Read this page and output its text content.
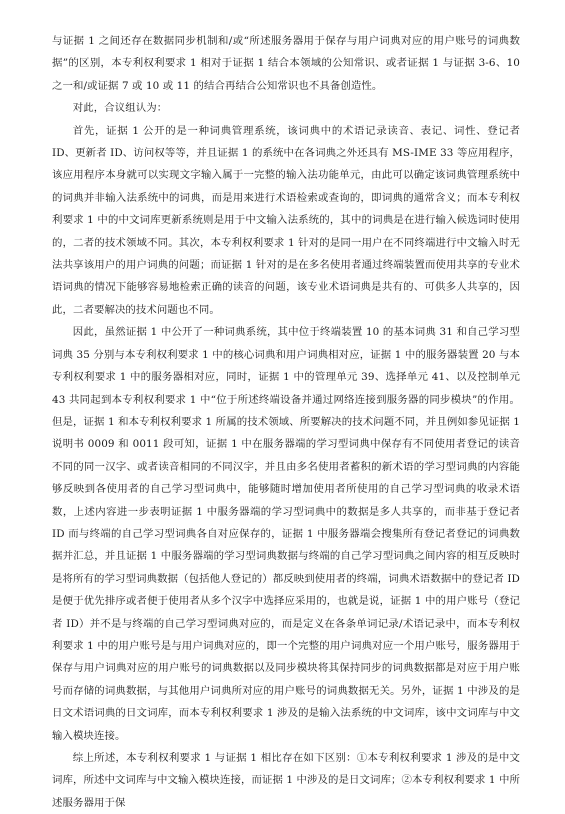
与证据 1 之间还存在数据同步机制和/或“所述服务器用于保存与用户词典对应的用户账号的词典数据”的区别，本专利权利要求 1 相对于证据 1 结合本领域的公知常识、或者证据 1 与证据 3-6、10 之一和/或证据 7 或 10 或 11 的结合再结合公知常识也不具备创造性。

对此，合议组认为：

首先，证据 1 公开的是一种词典管理系统，该词典中的术语记录读音、表记、词性、登记者 ID、更新者 ID、访问权等等，并且证据 1 的系统中在各词典之外还具有 MS-IME 33 等应用程序，该应用程序本身就可以实现文字输入属于一完整的输入法功能单元，由此可以确定该词典管理系统中的词典并非输入法系统中的词典，而是用来进行术语检索或查询的，即词典的通常含义；而本专利权利要求 1 中的中文词库更新系统则是用于中文输入法系统的，其中的词典是在进行输入候选词时使用的，二者的技术领域不同。其次，本专利权利要求 1 针对的是同一用户在不同终端进行中文输入时无法共享该用户的用户词典的问题；而证据 1 针对的是在多名使用者通过终端装置而使用共享的专业术语词典的情况下能够容易地检索正确的读音的问题，该专业术语词典是共有的、可供多人共享的，因此，二者要解决的技术问题也不同。

因此，虽然证据 1 中公开了一种词典系统，其中位于终端装置 10 的基本词典 31 和自己学习型词典 35 分别与本专利权利要求 1 中的核心词典和用户词典相对应，证据 1 中的服务器装置 20 与本专利权利要求 1 中的服务器相对应，同时，证据 1 中的管理单元 39、选择单元 41、以及控制单元 43 共同起到本专利权利要求 1 中“位于所述终端设备并通过网络连接到服务器的同步模块”的作用。但是，证据 1 和本专利权利要求 1 所属的技术领域、所要解决的技术问题不同，并且例如参见证据 1 说明书 0009 和 0011 段可知，证据 1 中在服务器端的学习型词典中保存有不同使用者登记的读音不同的同一汉字、或者读音相同的不同汉字，并且由多名使用者蓄积的新术语的学习型词典的内容能够反映到各使用者的自己学习型词典中，能够随时增加使用者所使用的自己学习型词典的收录术语数，上述内容进一步表明证据 1 中服务器端的学习型词典中的数据是多人共享的，而非基于登记者 ID 而与终端的自己学习型词典各自对应保存的，证据 1 中服务器端会搜集所有登记者登记的词典数据并汇总，并且证据 1 中服务器端的学习型词典数据与终端的自己学习型词典之间内容的相互反映时是将所有的学习型词典数据（包括他人登记的）都反映到使用者的终端，词典术语数据中的登记者 ID 是便于优先排序或者便于使用者从多个汉字中选择应采用的，也就是说，证据 1 中的用户账号（登记者 ID）并不是与终端的自己学习型词典对应的，而是定义在各条单词记录/术语记录中，而本专利权利要求 1 中的用户账号是与用户词典对应的，即一个完整的用户词典对应一个用户账号，服务器用于保存与用户词典对应的用户账号的词典数据以及同步模块将其保持同步的词典数据都是对应于用户账号而存储的词典数据，与其他用户词典所对应的用户账号的词典数据无关。另外，证据 1 中涉及的是日文术语词典的日文词库，而本专利权利要求 1 涉及的是输入法系统的中文词库，该中文词库与中文输入模块连接。

综上所述，本专利权利要求 1 与证据 1 相比存在如下区别：①本专利权利要求 1 涉及的是中文词库，所述中文词库与中文输入模块连接，而证据 1 中涉及的是日文词库；②本专利权利要求 1 中所述服务器用于保
